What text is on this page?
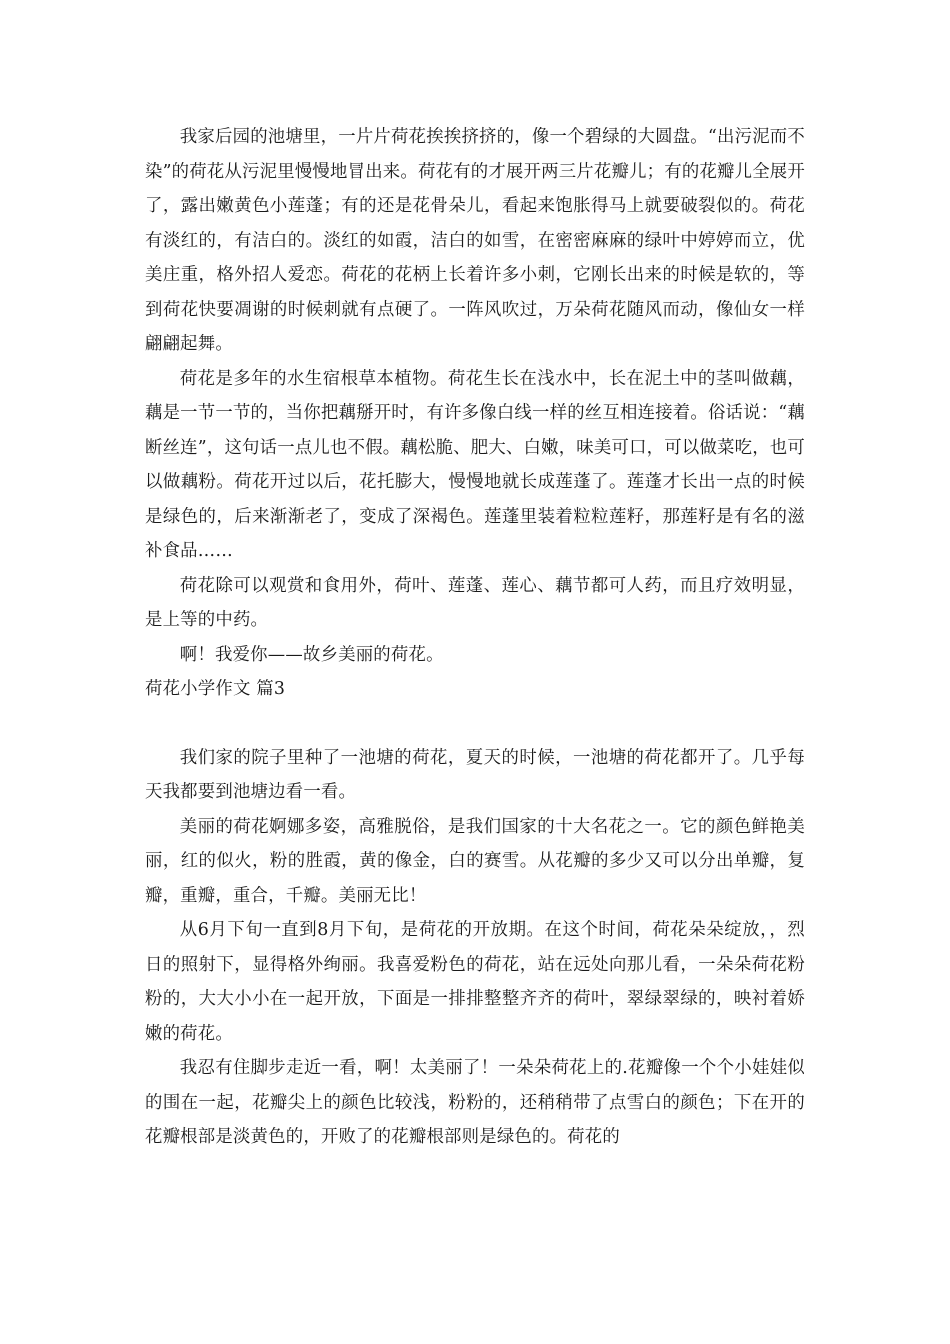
我家后园的池塘里，一片片荷花挨挨挤挤的，像一个碧绿的大圆盘。“出污泥而不染”的荷花从污泥里慢慢地冒出来。荷花有的才展开两三片花瓣儿；有的花瓣儿全展开了，露出嫩黄色小莲蓬；有的还是花骨朵儿，看起来饱胀得马上就要破裂似的。荷花有淡红的，有洁白的。淡红的如霞，洁白的如雪，在密密麻麻的绿叶中婷婷而立，优美庄重，格外招人爱恋。荷花的花柄上长着许多小刺，它刚长出来的时候是软的，等到荷花快要凋谢的时候刺就有点硬了。一阵风吹过，万朵荷花随风而动，像仙女一样翩翩起舞。

荷花是多年的水生宿根草本植物。荷花生长在浅水中，长在泥土中的茎叫做藕，藕是一节一节的，当你把藕掰开时，有许多像白线一样的丝互相连接着。俗话说：“藕断丝连”，这句话一点儿也不假。藕松脆、肥大、白嫩，味美可口，可以做菜吃，也可以做藕粉。荷花开过以后，花托膨大，慢慢地就长成莲蓬了。莲蓬才长出一点的时候是绿色的，后来渐渐老了，变成了深褐色。莲蓬里装着粒粒莲籽，那莲籽是有名的滋补食品……

荷花除可以观赏和食用外，荷叶、莲蓬、莲心、藕节都可人药，而且疗效明显，是上等的中药。

啊！我爱你——故乡美丽的荷花。

荷花小学作文 篇3

我们家的院子里种了一池塘的荷花，夏天的时候，一池塘的荷花都开了。几乎每天我都要到池塘边看一看。

美丽的荷花婀娜多姿，高雅脱俗，是我们国家的十大名花之一。它的颜色鲜艳美丽，红的似火，粉的胜霞，黄的像金，白的赛雪。从花瓣的多少又可以分出单瓣，复瓣，重瓣，重合，千瓣。美丽无比！

从6月下旬一直到8月下旬，是荷花的开放期。在这个时间，荷花朵朵绽放，，烈日的照射下，显得格外绚丽。我喜爱粉色的荷花，站在远处向那儿看，一朵朵荷花粉粉的，大大小小在一起开放，下面是一排排整整齐齐的荷叶，翠绿翠绿的，映衬着娇嫩的荷花。

我忍有住脚步走近一看，啊！太美丽了！一朵朵荷花上的.花瓣像一个个小娃娃似的围在一起，花瓣尖上的颜色比较浅，粉粉的，还稍稍带了点雪白的颜色；下在开的花瓣根部是淡黄色的，开败了的花瓣根部则是绿色的。荷花的
